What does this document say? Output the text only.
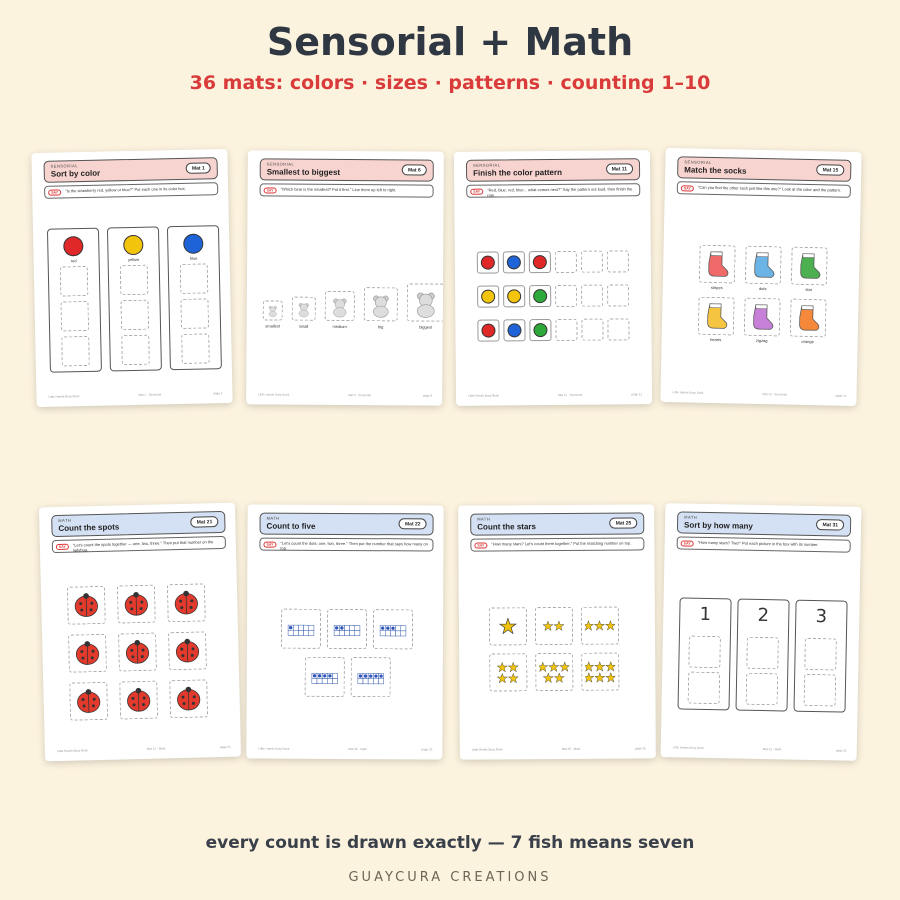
Sensorial + Math
36 mats: colors · sizes · patterns · counting 1–10
SENSORIAL
Sort by color
Mat 1
SAY	"Is the strawberry red, yellow or blue?" Put each one in its color box.
Little Hands Busy Book	Mat 1 · Sensorial	page 1
red	yellow	blue
SENSORIAL
Smallest to biggest	Mat 6
SAY	"Which bear is the smallest? Put it first." Line them up left to right.
Little Hands Busy Book	Mat 6 · Sensorial	page 6
smallest	small	medium	big	biggest
SENSORIAL
Finish the color pattern	Mat 11
SAY	"Red, blue, red, blue... what comes next?" Say the pattern out loud, then finish the row.
Little Hands Busy Book	Mat 11 · Sensorial	page 11
SENSORIAL
Match the socks	Mat 15
SAY	"Can you find the other sock just like this one?" Look at the color and the pattern.
Little Hands Busy Book	Mat 15 · Sensorial	page 15
stripes	dots	star
hearts	zigzag	orange
MATH
Count the spots
Mat 21
SAY	"Let's count the spots together — one, two, three." Then put that number on the ladybug.
Little Hands Busy Book	Mat 21 · Math	page 21
MATH
Count to five	Mat 22
SAY	"Let's count the dots: one, two, three." Then put the number that says how many on top.
Little Hands Busy Book	Mat 22 · Math	page 22
MATH
Count the stars	Mat 25
SAY	"How many stars? Let's count them together." Put the matching number on top.
Little Hands Busy Book	Mat 25 · Math	page 25
MATH
Sort by how many	Mat 31
SAY	"How many stars? Two!" Put each picture in the box with its number.
Little Hands Busy Book	Mat 31 · Math	page 31
1	2	3
every count is drawn exactly — 7 fish means seven
GUAYCURA CREATIONS
